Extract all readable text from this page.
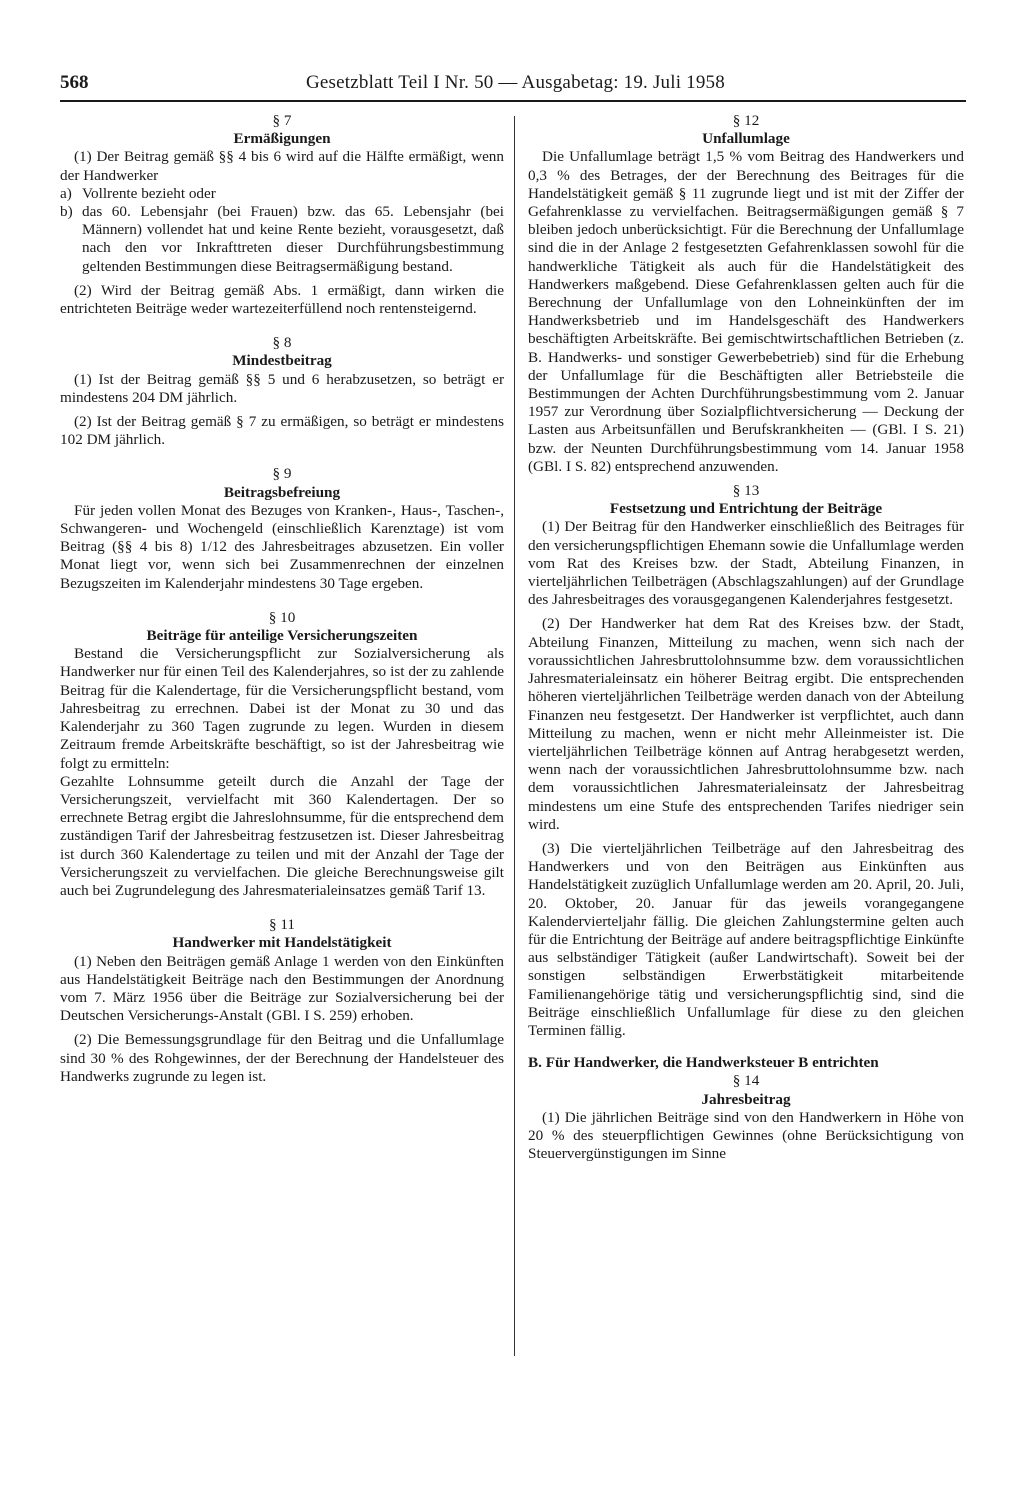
568	Gesetzblatt Teil I Nr. 50 — Ausgabetag: 19. Juli 1958

§ 7

Ermäßigungen

(1) Der Beitrag gemäß §§ 4 bis 6 wird auf die Hälfte ermäßigt, wenn der Handwerker

a) Vollrente bezieht oder
b) das 60. Lebensjahr (bei Frauen) bzw. das 65. Lebensjahr (bei Männern) vollendet hat und keine Rente bezieht, vorausgesetzt, daß nach den vor Inkrafttreten dieser Durchführungsbestimmung geltenden Bestimmungen diese Beitragsermäßigung bestand.

(2) Wird der Beitrag gemäß Abs. 1 ermäßigt, dann wirken die entrichteten Beiträge weder wartezeiterfüllend noch rentensteigernd.

§ 8

Mindestbeitrag

(1) Ist der Beitrag gemäß §§ 5 und 6 herabzusetzen, so beträgt er mindestens 204 DM jährlich.

(2) Ist der Beitrag gemäß § 7 zu ermäßigen, so beträgt er mindestens 102 DM jährlich.

§ 9

Beitragsbefreiung

Für jeden vollen Monat des Bezuges von Kranken-, Haus-, Taschen-, Schwangeren- und Wochengeld (einschließlich Karenztage) ist vom Beitrag (§§ 4 bis 8) 1/12 des Jahresbeitrages abzusetzen. Ein voller Monat liegt vor, wenn sich bei Zusammenrechnen der einzelnen Bezugszeiten im Kalenderjahr mindestens 30 Tage ergeben.

§ 10

Beiträge für anteilige Versicherungszeiten

Bestand die Versicherungspflicht zur Sozialversicherung als Handwerker nur für einen Teil des Kalenderjahres, so ist der zu zahlende Beitrag für die Kalendertage, für die Versicherungspflicht bestand, vom Jahresbeitrag zu errechnen. Dabei ist der Monat zu 30 und das Kalenderjahr zu 360 Tagen zugrunde zu legen. Wurden in diesem Zeitraum fremde Arbeitskräfte beschäftigt, so ist der Jahresbeitrag wie folgt zu ermitteln:

Gezahlte Lohnsumme geteilt durch die Anzahl der Tage der Versicherungszeit, vervielfacht mit 360 Kalendertagen. Der so errechnete Betrag ergibt die Jahreslohnsumme, für die entsprechend dem zuständigen Tarif der Jahresbeitrag festzusetzen ist. Dieser Jahresbeitrag ist durch 360 Kalendertage zu teilen und mit der Anzahl der Tage der Versicherungszeit zu vervielfachen. Die gleiche Berechnungsweise gilt auch bei Zugrundelegung des Jahresmaterialeinsatzes gemäß Tarif 13.

§ 11

Handwerker mit Handelstätigkeit

(1) Neben den Beiträgen gemäß Anlage 1 werden von den Einkünften aus Handelstätigkeit Beiträge nach den Bestimmungen der Anordnung vom 7. März 1956 über die Beiträge zur Sozialversicherung bei der Deutschen Versicherungs-Anstalt (GBl. I S. 259) erhoben.

(2) Die Bemessungsgrundlage für den Beitrag und die Unfallumlage sind 30 % des Rohgewinnes, der der Berechnung der Handelsteuer des Handwerks zugrunde zu legen ist.

§ 12

Unfallumlage

Die Unfallumlage beträgt 1,5 % vom Beitrag des Handwerkers und 0,3 % des Betrages, der der Berechnung des Beitrages für die Handelstätigkeit gemäß § 11 zugrunde liegt und ist mit der Ziffer der Gefahrenklasse zu vervielfachen. Beitragsermäßigungen gemäß § 7 bleiben jedoch unberücksichtigt. Für die Berechnung der Unfallumlage sind die in der Anlage 2 festgesetzten Gefahrenklassen sowohl für die handwerkliche Tätigkeit als auch für die Handelstätigkeit des Handwerkers maßgebend. Diese Gefahrenklassen gelten auch für die Berechnung der Unfallumlage von den Lohneinkünften der im Handwerksbetrieb und im Handelsgeschäft des Handwerkers beschäftigten Arbeitskräfte. Bei gemischtwirtschaftlichen Betrieben (z. B. Handwerks- und sonstiger Gewerbebetrieb) sind für die Erhebung der Unfallumlage für die Beschäftigten aller Betriebsteile die Bestimmungen der Achten Durchführungsbestimmung vom 2. Januar 1957 zur Verordnung über Sozialpflichtversicherung — Deckung der Lasten aus Arbeitsunfällen und Berufskrankheiten — (GBl. I S. 21) bzw. der Neunten Durchführungsbestimmung vom 14. Januar 1958 (GBl. I S. 82) entsprechend anzuwenden.

§ 13

Festsetzung und Entrichtung der Beiträge

(1) Der Beitrag für den Handwerker einschließlich des Beitrages für den versicherungspflichtigen Ehemann sowie die Unfallumlage werden vom Rat des Kreises bzw. der Stadt, Abteilung Finanzen, in vierteljährlichen Teilbeträgen (Abschlagszahlungen) auf der Grundlage des Jahresbeitrages des vorausgegangenen Kalenderjahres festgesetzt.

(2) Der Handwerker hat dem Rat des Kreises bzw. der Stadt, Abteilung Finanzen, Mitteilung zu machen, wenn sich nach der voraussichtlichen Jahresbruttolohnsumme bzw. dem voraussichtlichen Jahresmaterialeinsatz ein höherer Beitrag ergibt. Die entsprechenden höheren vierteljährlichen Teilbeträge werden danach von der Abteilung Finanzen neu festgesetzt. Der Handwerker ist verpflichtet, auch dann Mitteilung zu machen, wenn er nicht mehr Alleinmeister ist. Die vierteljährlichen Teilbeträge können auf Antrag herabgesetzt werden, wenn nach der voraussichtlichen Jahresbruttolohnsumme bzw. nach dem voraussichtlichen Jahresmaterialeinsatz der Jahresbeitrag mindestens um eine Stufe des entsprechenden Tarifes niedriger sein wird.

(3) Die vierteljährlichen Teilbeträge auf den Jahresbeitrag des Handwerkers und von den Beiträgen aus Einkünften aus Handelstätigkeit zuzüglich Unfallumlage werden am 20. April, 20. Juli, 20. Oktober, 20. Januar für das jeweils vorangegangene Kalendervierteljahr fällig. Die gleichen Zahlungstermine gelten auch für die Entrichtung der Beiträge auf andere beitragspflichtige Einkünfte aus selbständiger Tätigkeit (außer Landwirtschaft). Soweit bei der sonstigen selbständigen Erwerbstätigkeit mitarbeitende Familienangehörige tätig und versicherungspflichtig sind, sind die Beiträge einschließlich Unfallumlage für diese zu den gleichen Terminen fällig.

B. Für Handwerker, die Handwerksteuer B entrichten

§ 14

Jahresbeitrag

(1) Die jährlichen Beiträge sind von den Handwerkern in Höhe von 20 % des steuerpflichtigen Gewinnes (ohne Berücksichtigung von Steuervergünstigungen im Sinne
